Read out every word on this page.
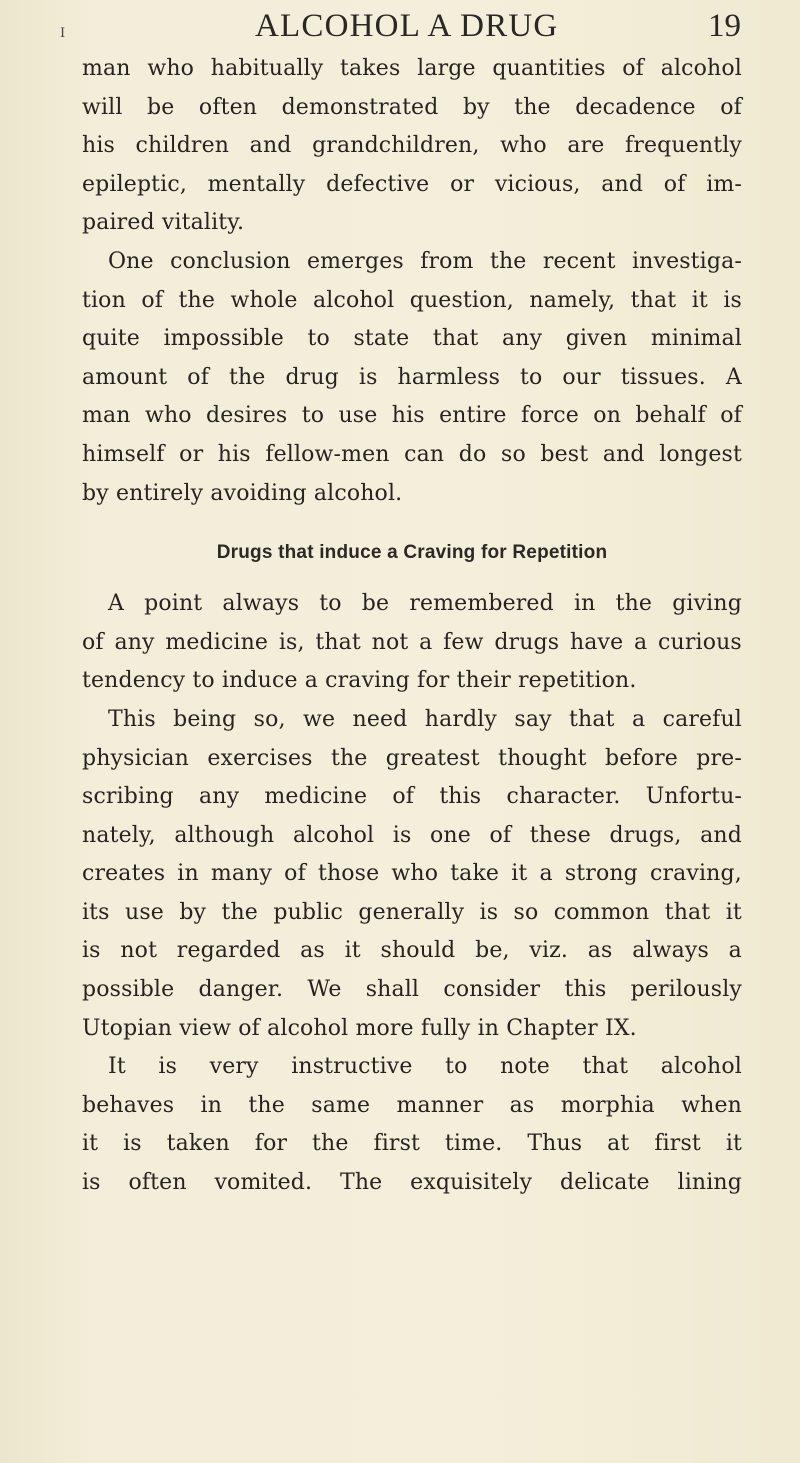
I	ALCOHOL A DRUG	19
man who habitually takes large quantities of alcohol
will be often demonstrated by the decadence of
his children and grandchildren, who are frequently
epileptic, mentally defective or vicious, and of im-
paired vitality.
One conclusion emerges from the recent investiga-
tion of the whole alcohol question, namely, that it is
quite impossible to state that any given minimal
amount of the drug is harmless to our tissues. A
man who desires to use his entire force on behalf of
himself or his fellow-men can do so best and longest
by entirely avoiding alcohol.
Drugs that induce a Craving for Repetition
A point always to be remembered in the giving
of any medicine is, that not a few drugs have a curious
tendency to induce a craving for their repetition.
This being so, we need hardly say that a careful
physician exercises the greatest thought before pre-
scribing any medicine of this character. Unfortu-
nately, although alcohol is one of these drugs, and
creates in many of those who take it a strong craving,
its use by the public generally is so common that it
is not regarded as it should be, viz. as always a
possible danger. We shall consider this perilously
Utopian view of alcohol more fully in Chapter IX.
It is very instructive to note that alcohol
behaves in the same manner as morphia when
it is taken for the first time. Thus at first it
is often vomited. The exquisitely delicate lining
